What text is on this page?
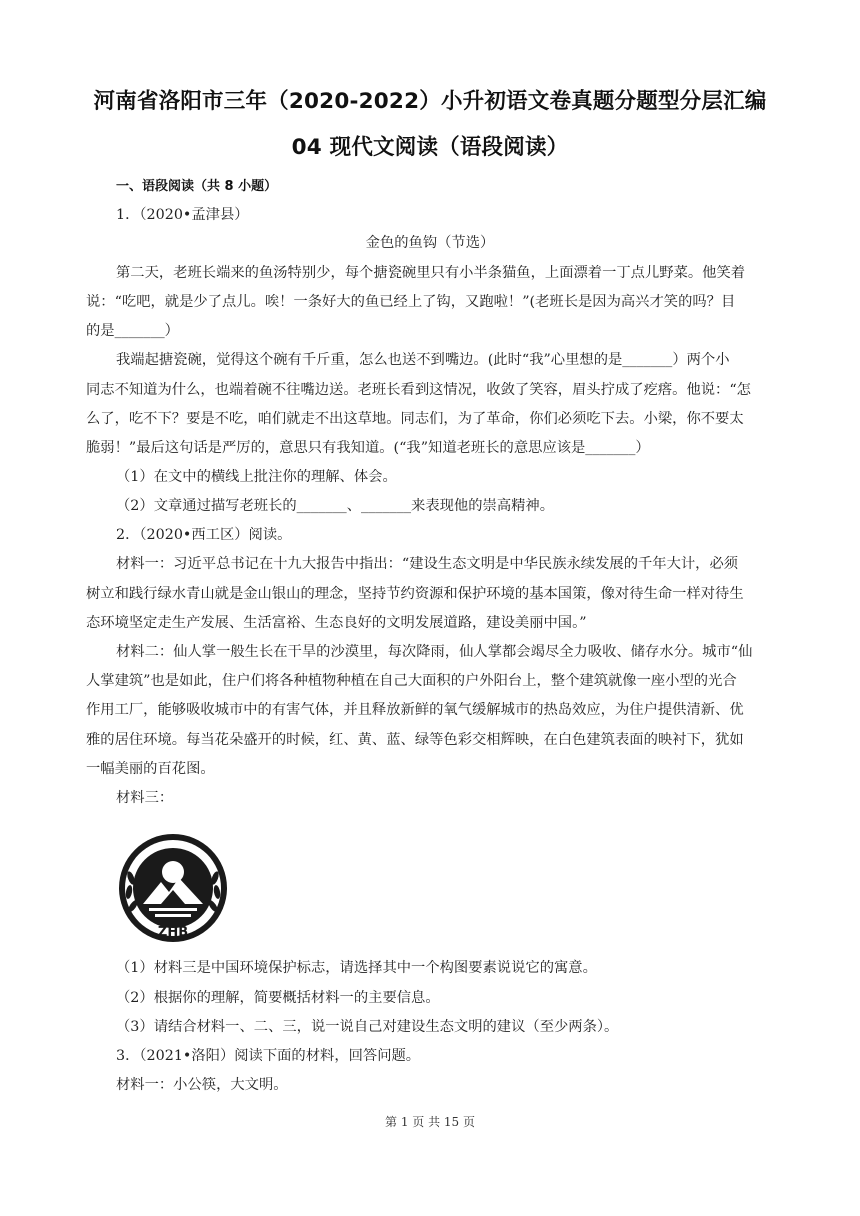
河南省洛阳市三年（2020-2022）小升初语文卷真题分题型分层汇编
04 现代文阅读（语段阅读）
一、语段阅读（共 8 小题）
1．（2020•孟津县）
金色的鱼钩（节选）
第二天，老班长端来的鱼汤特别少，每个搪瓷碗里只有小半条猫鱼，上面漂着一丁点儿野菜。他笑着
说：“吃吧，就是少了点儿。唉！一条好大的鱼已经上了钩，又跑啦！”(老班长是因为高兴才笑的吗？目
的是_______）
我端起搪瓷碗，觉得这个碗有千斤重，怎么也送不到嘴边。(此时“我”心里想的是_______）两个小
同志不知道为什么，也端着碗不往嘴边送。老班长看到这情况，收敛了笑容，眉头拧成了疙瘩。他说：“怎
么了，吃不下？要是不吃，咱们就走不出这草地。同志们，为了革命，你们必须吃下去。小梁，你不要太
脆弱！”最后这句话是严厉的，意思只有我知道。(“我”知道老班长的意思应该是_______）
（1）在文中的横线上批注你的理解、体会。
（2）文章通过描写老班长的_______、_______来表现他的崇高精神。
2．（2020•西工区）阅读。
材料一：习近平总书记在十九大报告中指出：“建设生态文明是中华民族永续发展的千年大计，必须
树立和践行绿水青山就是金山银山的理念，坚持节约资源和保护环境的基本国策，像对待生命一样对待生
态环境坚定走生产发展、生活富裕、生态良好的文明发展道路，建设美丽中国。”
材料二：仙人掌一般生长在干旱的沙漠里，每次降雨，仙人掌都会竭尽全力吸收、储存水分。城市“仙
人掌建筑”也是如此，住户们将各种植物种植在自己大面积的户外阳台上，整个建筑就像一座小型的光合
作用工厂，能够吸收城市中的有害气体，并且释放新鲜的氧气缓解城市的热岛效应，为住户提供清新、优
雅的居住环境。每当花朵盛开的时候，红、黄、蓝、绿等色彩交相辉映，在白色建筑表面的映衬下，犹如
一幅美丽的百花图。
材料三：
ZHB
（1）材料三是中国环境保护标志，请选择其中一个构图要素说说它的寓意。
（2）根据你的理解，简要概括材料一的主要信息。
（3）请结合材料一、二、三，说一说自己对建设生态文明的建议（至少两条）。
3．（2021•洛阳）阅读下面的材料，回答问题。
材料一：小公筷，大文明。
第 1 页 共 15 页
